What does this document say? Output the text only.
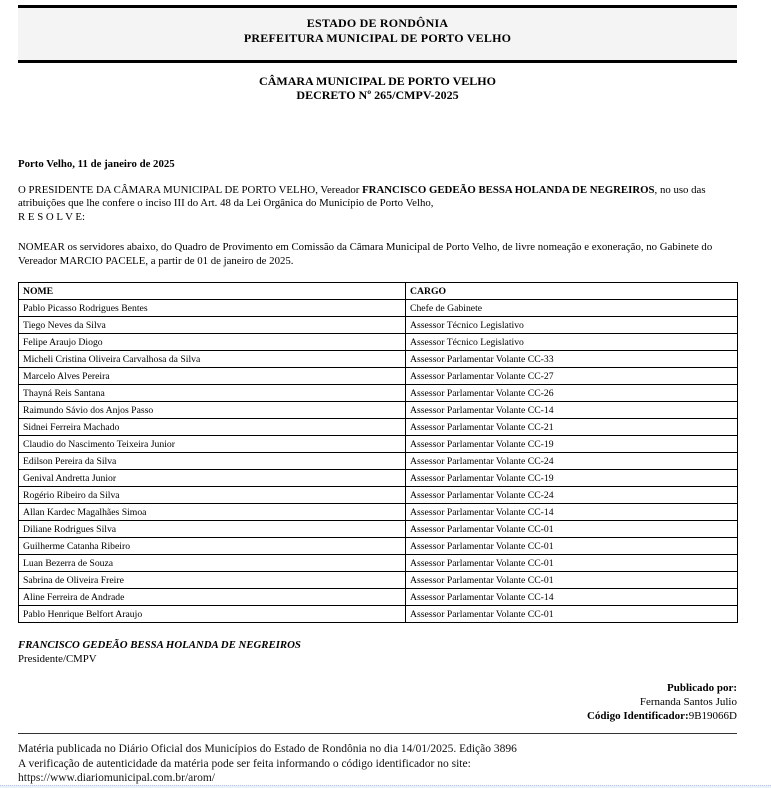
ESTADO DE RONDÔNIA
PREFEITURA MUNICIPAL DE PORTO VELHO
CÂMARA MUNICIPAL DE PORTO VELHO
DECRETO Nº 265/CMPV-2025
Porto Velho, 11 de janeiro de 2025
O PRESIDENTE DA CÂMARA MUNICIPAL DE PORTO VELHO, Vereador FRANCISCO GEDEÃO BESSA HOLANDA DE NEGREIROS, no uso das atribuições que lhe confere o inciso III do Art. 48 da Lei Orgânica do Município de Porto Velho,
R E S O L V E:
NOMEAR os servidores abaixo, do Quadro de Provimento em Comissão da Câmara Municipal de Porto Velho, de livre nomeação e exoneração, no Gabinete do Vereador MARCIO PACELE, a partir de 01 de janeiro de 2025.
NOME	CARGO
Pablo Picasso Rodrigues Bentes	Chefe de Gabinete
Tiego Neves da Silva	Assessor Técnico Legislativo
Felipe Araujo Diogo	Assessor Técnico Legislativo
Micheli Cristina Oliveira Carvalhosa da Silva	Assessor Parlamentar Volante CC-33
Marcelo Alves Pereira	Assessor Parlamentar Volante CC-27
Thayná Reis Santana	Assessor Parlamentar Volante CC-26
Raimundo Sávio dos Anjos Passo	Assessor Parlamentar Volante CC-14
Sidnei Ferreira Machado	Assessor Parlamentar Volante CC-21
Claudio do Nascimento Teixeira Junior	Assessor Parlamentar Volante CC-19
Edilson Pereira da Silva	Assessor Parlamentar Volante CC-24
Genival Andretta Junior	Assessor Parlamentar Volante CC-19
Rogério Ribeiro da Silva	Assessor Parlamentar Volante CC-24
Allan Kardec Magalhães Simoa	Assessor Parlamentar Volante CC-14
Diliane Rodrigues Silva	Assessor Parlamentar Volante CC-01
Guilherme Catanha Ribeiro	Assessor Parlamentar Volante CC-01
Luan Bezerra de Souza	Assessor Parlamentar Volante CC-01
Sabrina de Oliveira Freire	Assessor Parlamentar Volante CC-01
Aline Ferreira de Andrade	Assessor Parlamentar Volante CC-14
Pablo Henrique Belfort Araujo	Assessor Parlamentar Volante CC-01
FRANCISCO GEDEÃO BESSA HOLANDA DE NEGREIROS
Presidente/CMPV
Publicado por:
Fernanda Santos Julio
Código Identificador:9B19066D
Matéria publicada no Diário Oficial dos Municípios do Estado de Rondônia no dia 14/01/2025. Edição 3896
A verificação de autenticidade da matéria pode ser feita informando o código identificador no site:
https://www.diariomunicipal.com.br/arom/
